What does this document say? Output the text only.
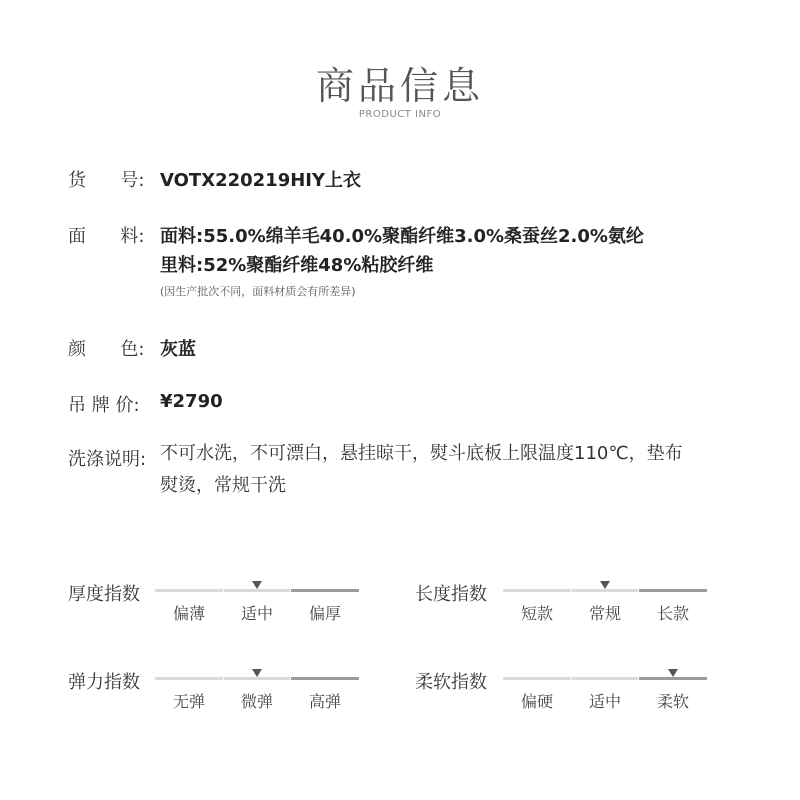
商品信息
PRODUCT INFO
货      号: VOTX220219HIY上衣
面      料: 面料:55.0%绵羊毛40.0%聚酯纤维3.0%桑蚕丝2.0%氨纶
里料:52%聚酯纤维48%粘胶纤维
(因生产批次不同，面料材质会有所差异)
颜      色: 灰蓝
吊 牌 价: ¥2790
洗涤说明: 不可水洗，不可漂白，悬挂晾干，熨斗底板上限温度110℃，垫布
熨烫，常规干洗
厚度指数
偏薄	适中	偏厚
长度指数
短款	常规	长款
弹力指数
无弹	微弹	高弹
柔软指数
偏硬	适中	柔软
